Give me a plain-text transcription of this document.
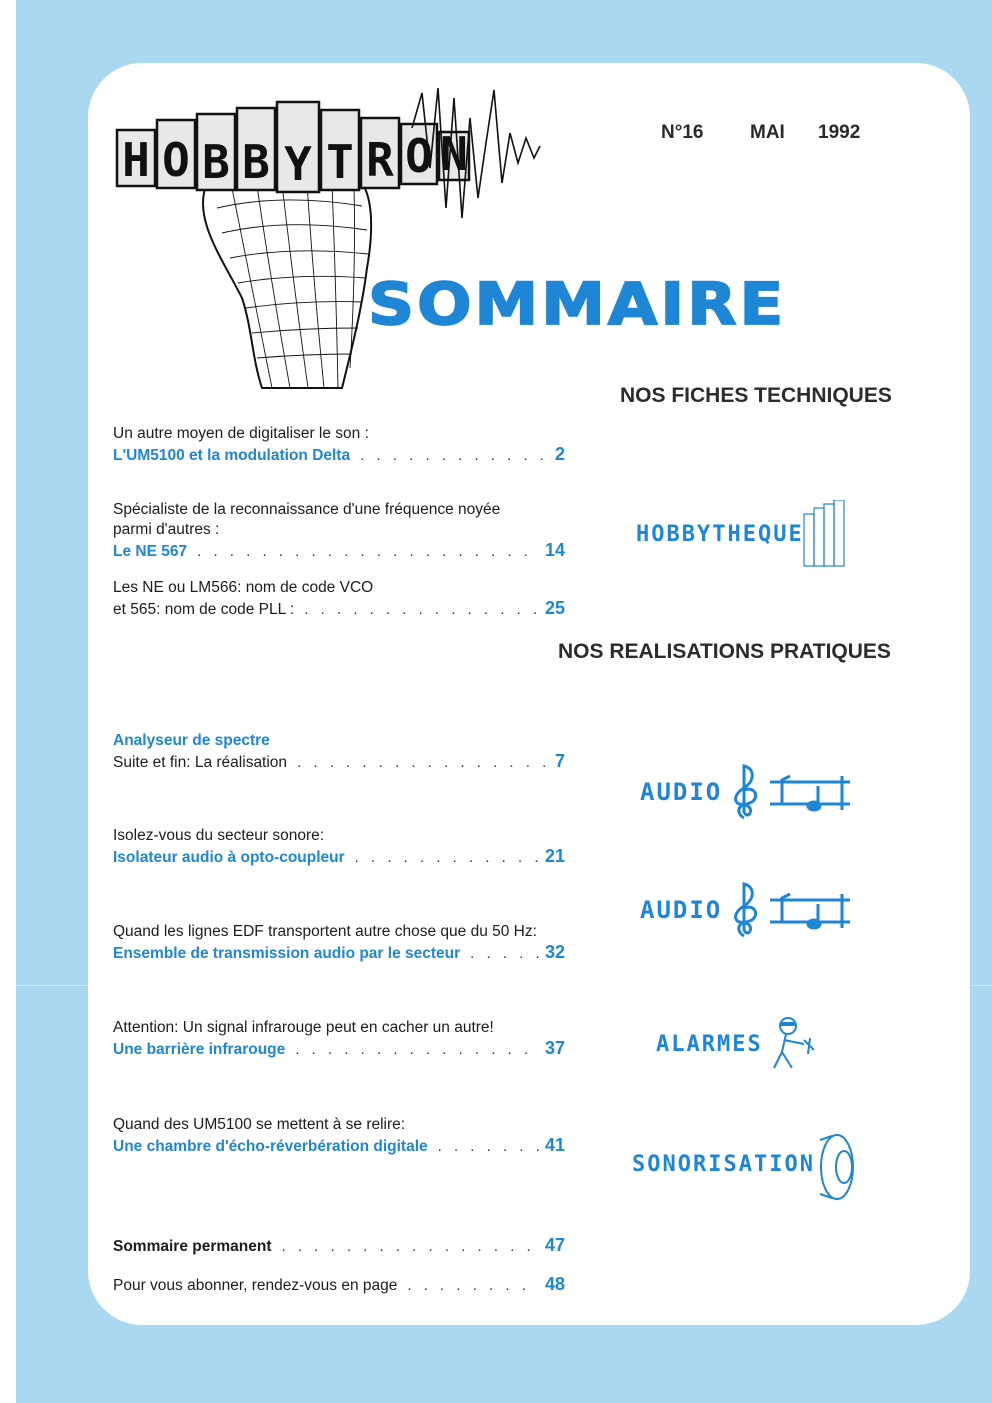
H O B B Y T R O N	N°16 MAI 1992
SOMMAIRE
NOS FICHES TECHNIQUES
NOS REALISATIONS PRATIQUES
Un autre moyen de digitaliser le son :
L'UM5100 et la modulation Delta . . .	2
Spécialiste de la reconnaissance d'une fréquence noyée
parmi d'autres :
Le NE 567 . . .	14
Les NE ou LM566: nom de code VCO
et 565: nom de code PLL : . . .	25
Analyseur de spectre
Suite et fin: La réalisation . . .	7
Isolez-vous du secteur sonore:
Isolateur audio à opto-coupleur . . .	21
Quand les lignes EDF transportent autre chose que du 50 Hz:
Ensemble de transmission audio par le secteur . . .	32
Attention: Un signal infrarouge peut en cacher un autre!
Une barrière infrarouge . . .	37
Quand des UM5100 se mettent à se relire:
Une chambre d'écho-réverbération digitale . . .	41
Sommaire permanent . . .	47
Pour vous abonner, rendez-vous en page . . .	48
HOBBYTHEQUE
AUDIO
AUDIO
ALARMES
SONORISATION
